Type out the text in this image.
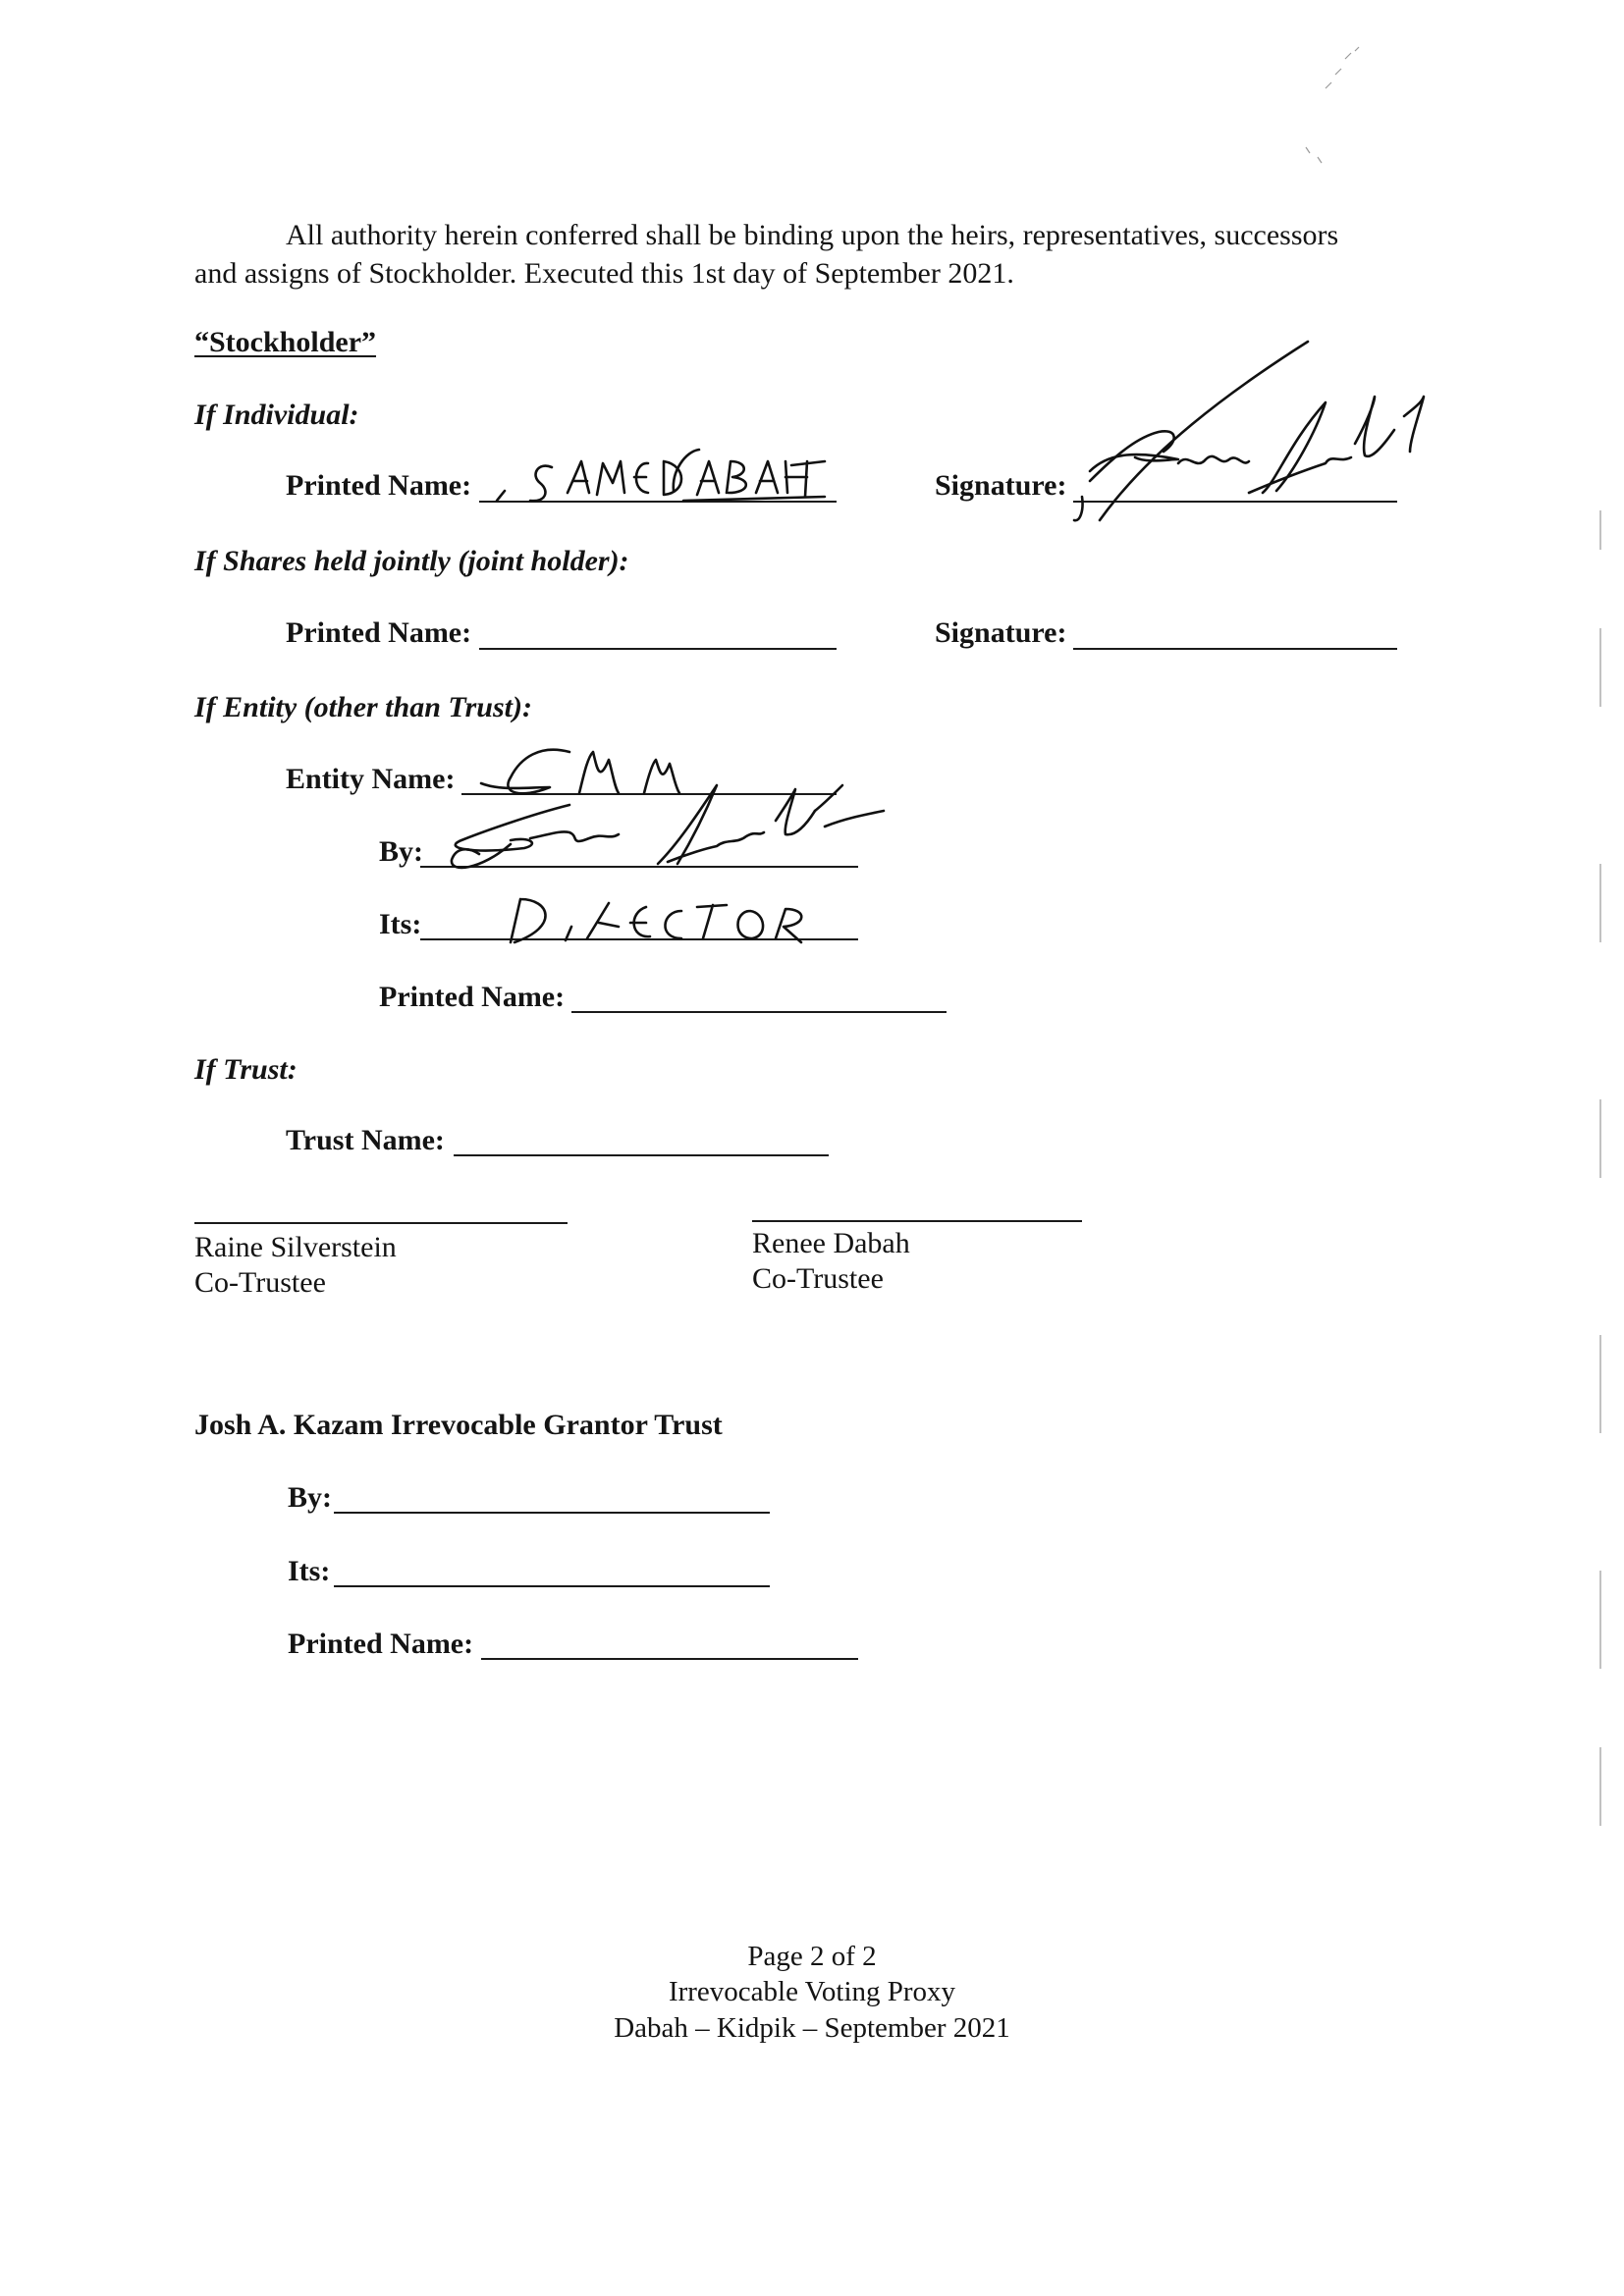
All authority herein conferred shall be binding upon the heirs, representatives, successors
and assigns of Stockholder. Executed this 1st day of September 2021.
“Stockholder”
If Individual:
Printed Name:	Signature:
If Shares held jointly (joint holder):
Printed Name:	Signature:
If Entity (other than Trust):
Entity Name:
By:
Its:
Printed Name:
If Trust:
Trust Name:
Raine Silverstein
Co-Trustee
Renee Dabah
Co-Trustee
Josh A. Kazam Irrevocable Grantor Trust
By:
Its:
Printed Name:
Page 2 of 2
Irrevocable Voting Proxy
Dabah – Kidpik – September 2021
